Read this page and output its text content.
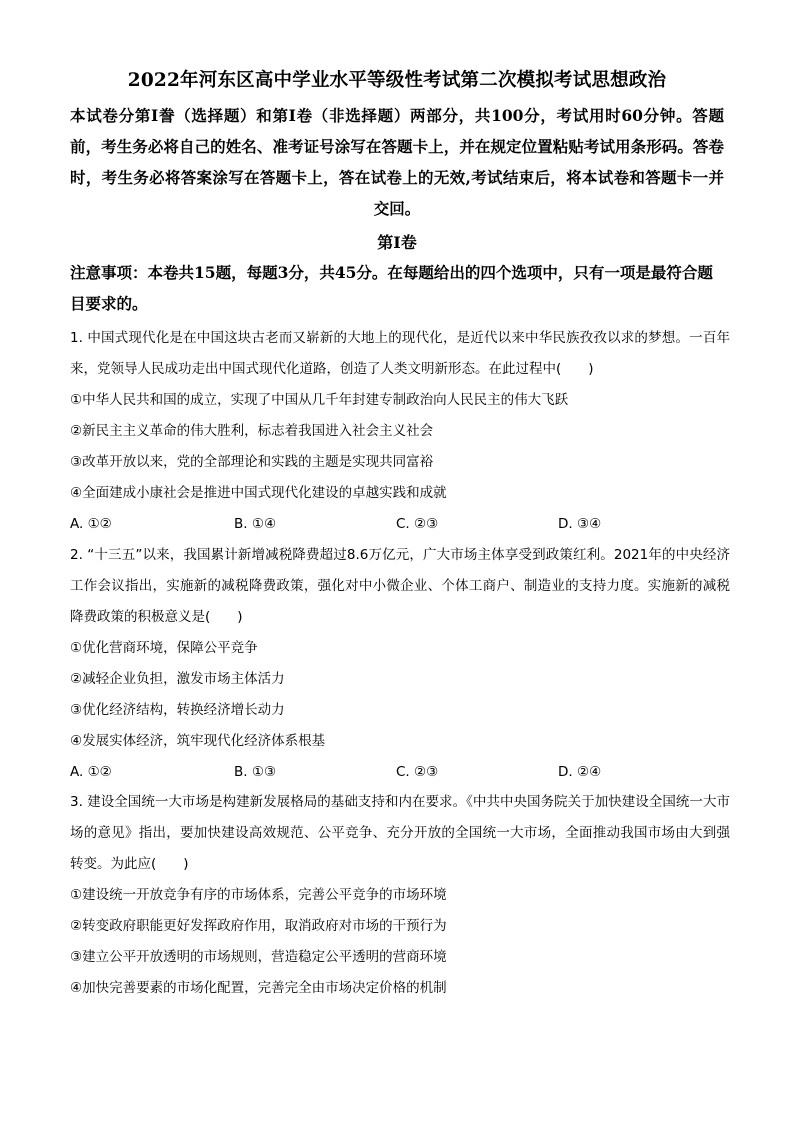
2022年河东区高中学业水平等级性考试第二次模拟考试思想政治
本试卷分第Ⅰ誊（选择题）和第Ⅰ卷（非选择题）两部分，共100分，考试用时60分钟。答题前，考生务必将自己的姓名、准考证号涂写在答题卡上，并在规定位置粘贴考试用条形码。答卷时，考生务必将答案涂写在答题卡上，答在试卷上的无效,考试结束后，将本试卷和答题卡一并交回。
第Ⅰ卷
注意事项：本卷共15题，每题3分，共45分。在每题给出的四个选项中，只有一项是最符合题目要求的。
1. 中国式现代化是在中国这块古老而又崭新的大地上的现代化，是近代以来中华民族孜孜以求的梦想。一百年来，党领导人民成功走出中国式现代化道路，创造了人类文明新形态。在此过程中(　　)
①中华人民共和国的成立，实现了中国从几千年封建专制政治向人民民主的伟大飞跃
②新民主主义革命的伟大胜利，标志着我国进入社会主义社会
③改革开放以来，党的全部理论和实践的主题是实现共同富裕
④全面建成小康社会是推进中国式现代化建设的卓越实践和成就
A. ①②	B. ①④	C. ②③	D. ③④
2. “十三五”以来，我国累计新增减税降费超过8.6万亿元，广大市场主体享受到政策红利。2021年的中央经济工作会议指出，实施新的减税降费政策，强化对中小微企业、个体工商户、制造业的支持力度。实施新的减税降费政策的积极意义是(　　)
①优化营商环境，保障公平竞争
②减轻企业负担，激发市场主体活力
③优化经济结构，转换经济增长动力
④发展实体经济，筑牢现代化经济体系根基
A. ①②	B. ①③	C. ②③	D. ②④
3. 建设全国统一大市场是构建新发展格局的基础支持和内在要求。《中共中央国务院关于加快建设全国统一大市场的意见》指出，要加快建设高效规范、公平竞争、充分开放的全国统一大市场，全面推动我国市场由大到强转变。为此应(　　)
①建设统一开放竞争有序的市场体系，完善公平竞争的市场环境
②转变政府职能更好发挥政府作用，取消政府对市场的干预行为
③建立公平开放透明的市场规则，营造稳定公平透明的营商环境
④加快完善要素的市场化配置，完善完全由市场决定价格的机制
